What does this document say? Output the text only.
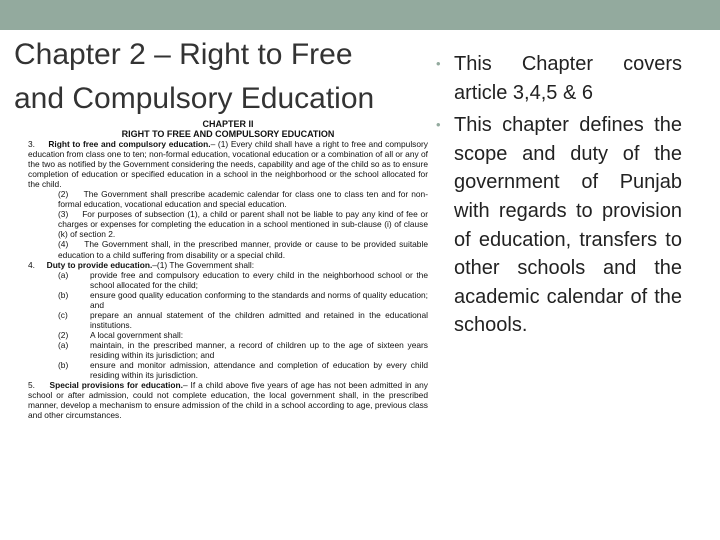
Chapter 2 – Right to Free
and Compulsory Education
CHAPTER II
RIGHT TO FREE AND COMPULSORY EDUCATION

3. Right to free and compulsory education.– (1) Every child shall have a right to free and compulsory education from class one to ten; non-formal education, vocational education or a combination of all or any of the two as notified by the Government considering the needs, capability and age of the child so as to ensure completion of education or specified education in a school in the neighborhood or the school allocated for the child.

(2) The Government shall prescribe academic calendar for class one to class ten and for non-formal education, vocational education and special education.

(3) For purposes of subsection (1), a child or parent shall not be liable to pay any kind of fee or charges or expenses for completing the education in a school mentioned in sub-clause (i) of clause (k) of section 2.

(4) The Government shall, in the prescribed manner, provide or cause to be provided suitable education to a child suffering from disability or a special child.

4. Duty to provide education.–(1) The Government shall:

(a)	provide free and compulsory education to every child in the neighborhood school or the school allocated for the child;
(b)	ensure good quality education conforming to the standards and norms of quality education; and
(c)	prepare an annual statement of the children admitted and retained in the educational institutions.
(2)	A local government shall:
(a)	maintain, in the prescribed manner, a record of children up to the age of sixteen years residing within its jurisdiction; and
(b)	ensure and monitor admission, attendance and completion of education by every child residing within its jurisdiction.

5. Special provisions for education.– If a child above five years of age has not been admitted in any school or after admission, could not complete education, the local government shall, in the prescribed manner, develop a mechanism to ensure admission of the child in a school according to age, previous class and other circumstances.

• This Chapter covers article 3,4,5 & 6
• This chapter defines the scope and duty of the government of Punjab with regards to provision of education, transfers to other schools and the academic calendar of the schools.
